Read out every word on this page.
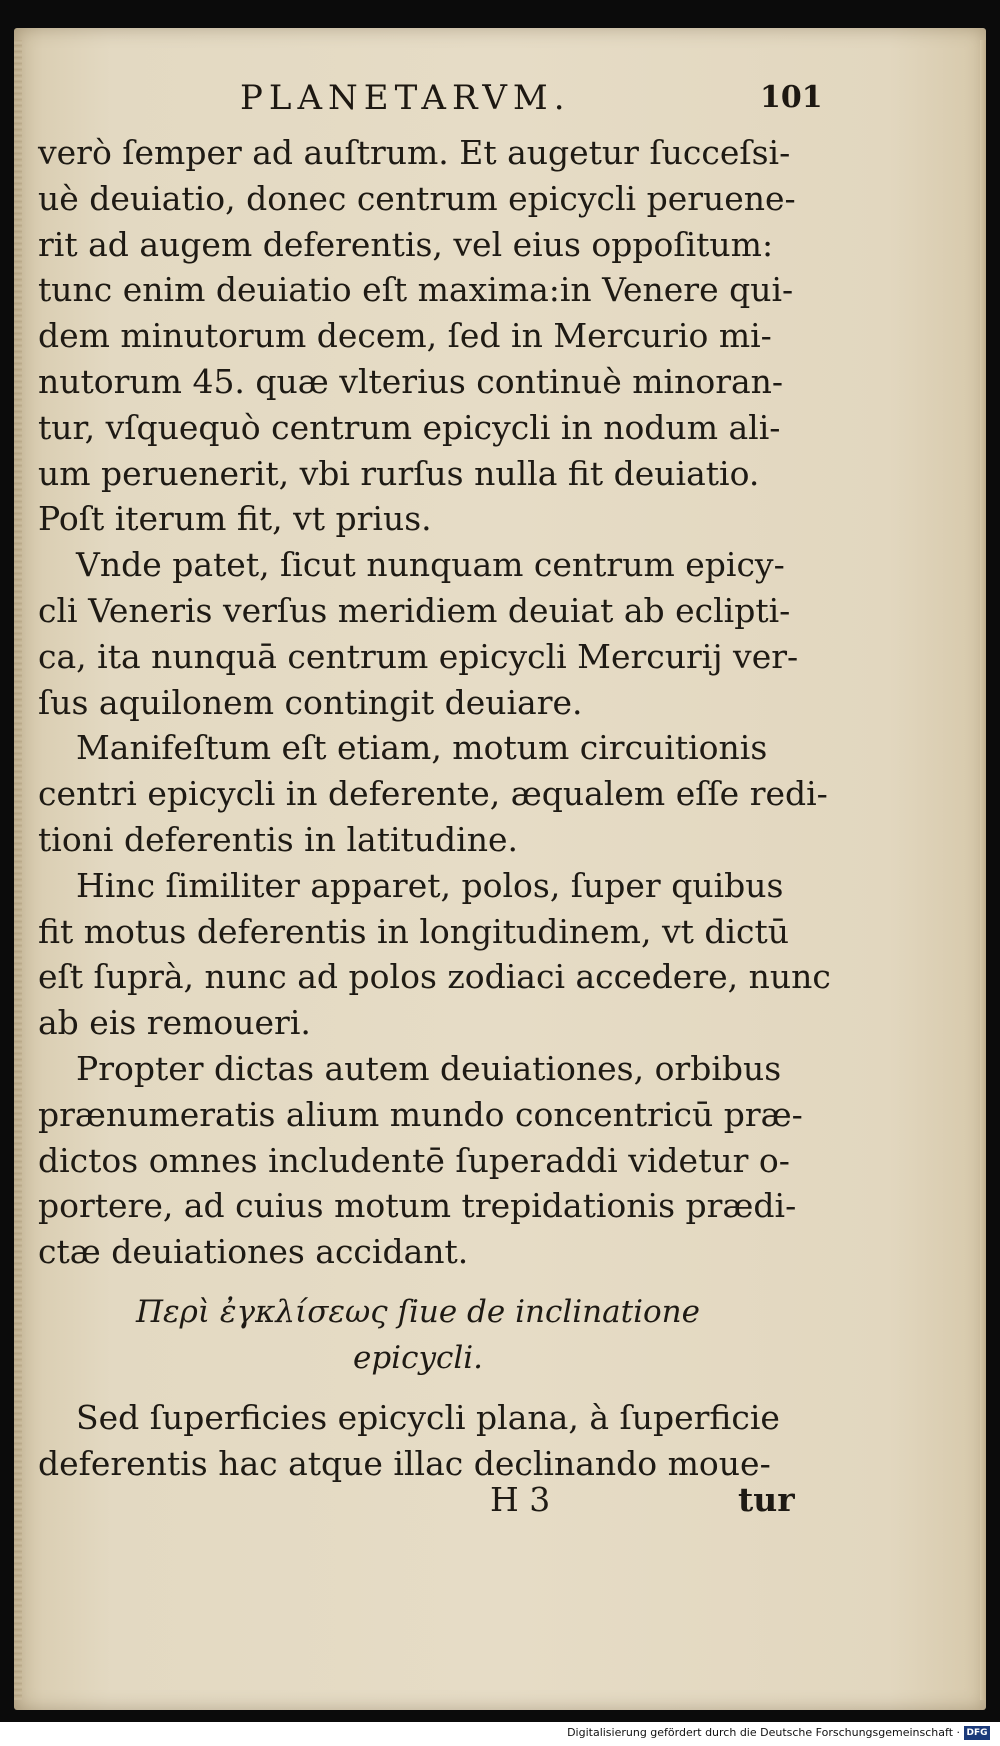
PLANETARVM.	101
verò ſemper ad auſtrum. Et augetur ſucceſsi-
uè deuiatio, donec centrum epicycli peruene-
rit ad augem deferentis, vel eius oppoſitum:
tunc enim deuiatio eſt maxima:in Venere qui-
dem minutorum decem, ſed in Mercurio mi-
nutorum 45. quæ vlterius continuè minoran-
tur, vſquequò centrum epicycli in nodum ali-
um peruenerit, vbi rurſus nulla fit deuiatio.
Poſt iterum fit, vt prius.
Vnde patet, ſicut nunquam centrum epicy-
cli Veneris verſus meridiem deuiat ab eclipti-
ca, ita nunquā centrum epicycli Mercurij ver-
ſus aquilonem contingit deuiare.
Manifeſtum eſt etiam, motum circuitionis
centri epicycli in deferente, æqualem eſſe redi-
tioni deferentis in latitudine.
Hinc ſimiliter apparet, polos, ſuper quibus
fit motus deferentis in longitudinem, vt dictū
eſt ſuprà, nunc ad polos zodiaci accedere, nunc
ab eis remoueri.
Propter dictas autem deuiationes, orbibus
prænumeratis alium mundo concentricū præ-
dictos omnes includentē ſuperaddi videtur o-
portere, ad cuius motum trepidationis prædi-
ctæ deuiationes accidant.
Περὶ ἐγκλίσεως ſiue de inclinatione
epicycli.
Sed ſuperficies epicycli plana, à ſuperficie
deferentis hac atque illac declinando moue-
H 3	tur
Digitalisierung gefördert durch die Deutsche Forschungsgemeinschaft · DFG
